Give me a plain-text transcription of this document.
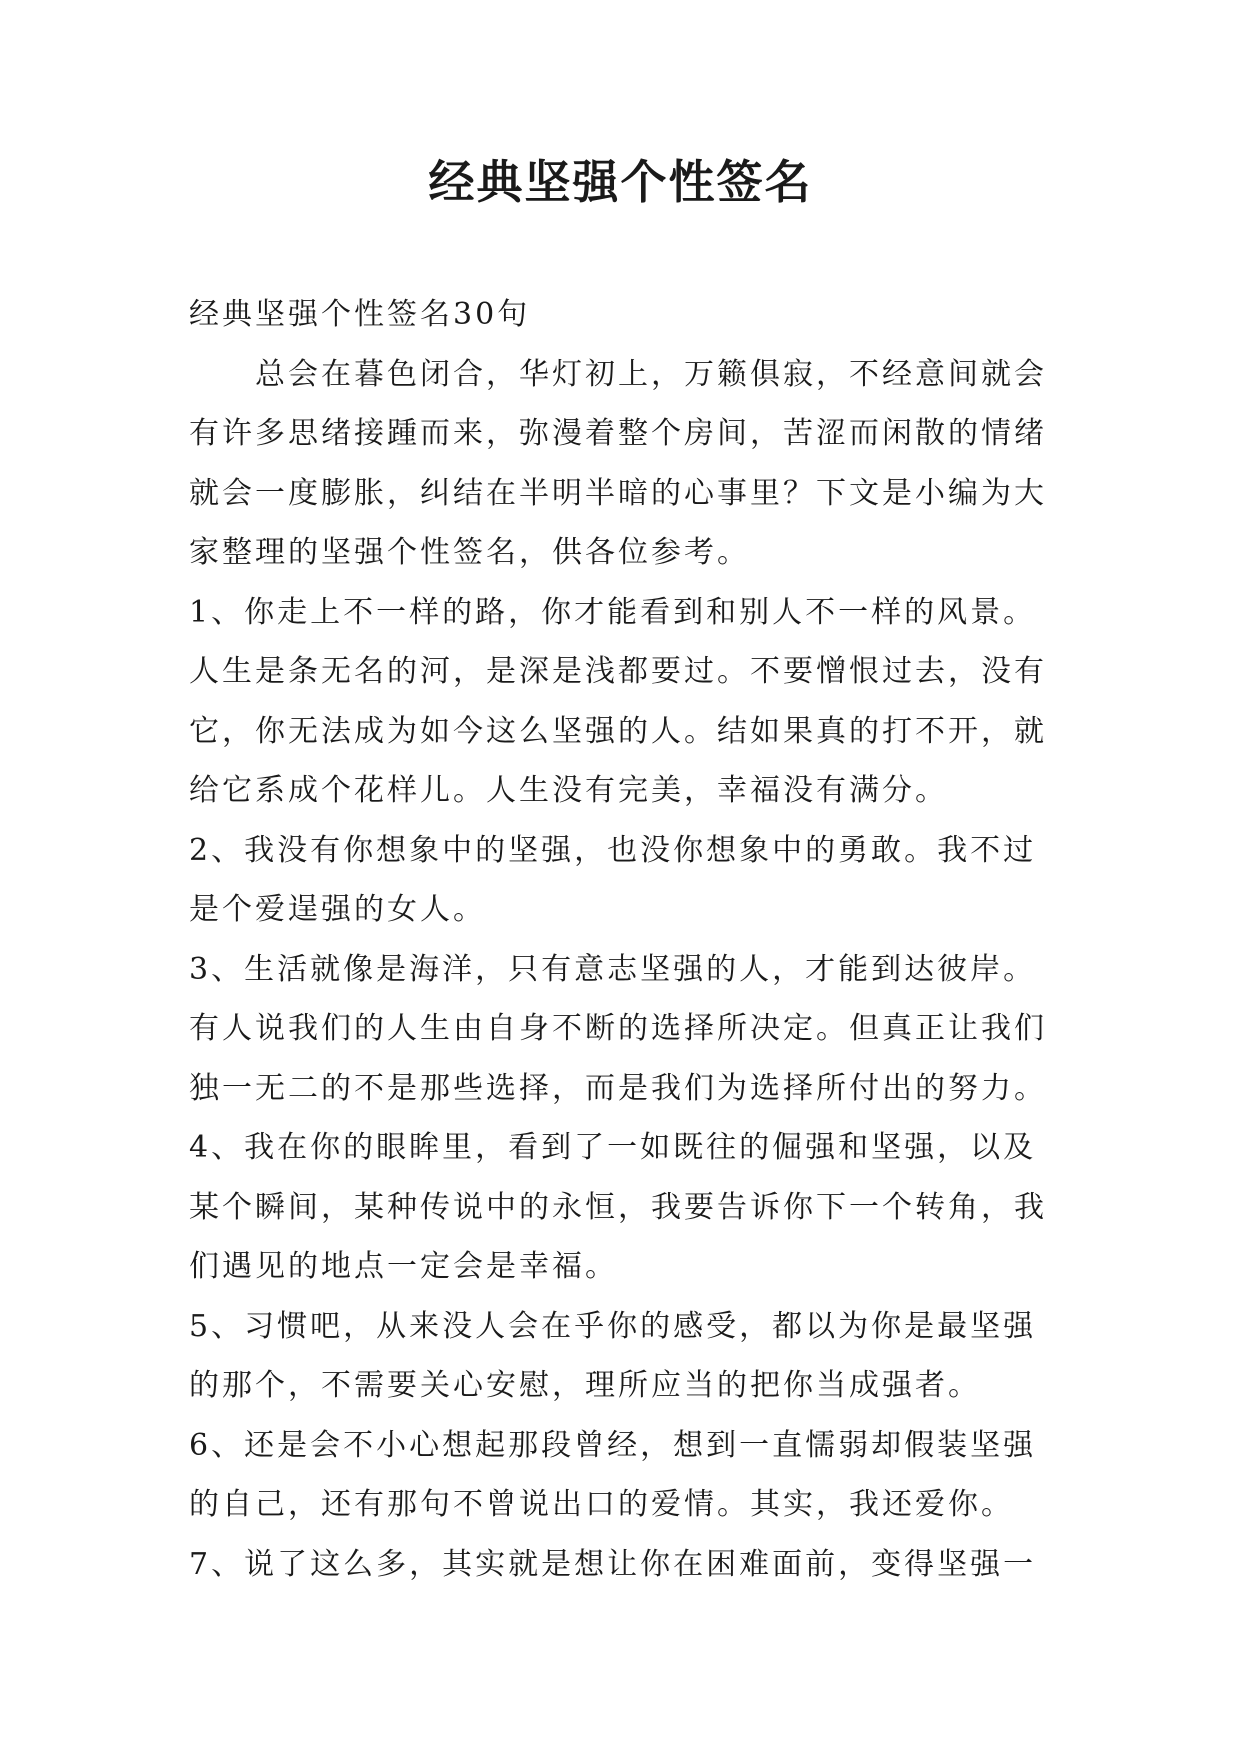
经典坚强个性签名

经典坚强个性签名30句

总会在暮色闭合，华灯初上，万籁俱寂，不经意间就会

有许多思绪接踵而来，弥漫着整个房间，苦涩而闲散的情绪

就会一度膨胀，纠结在半明半暗的心事里？下文是小编为大

家整理的坚强个性签名，供各位参考。

1、你走上不一样的路，你才能看到和别人不一样的风景。

人生是条无名的河，是深是浅都要过。不要憎恨过去，没有

它，你无法成为如今这么坚强的人。结如果真的打不开，就

给它系成个花样儿。人生没有完美，幸福没有满分。

2、我没有你想象中的坚强，也没你想象中的勇敢。我不过

是个爱逞强的女人。

3、生活就像是海洋，只有意志坚强的人，才能到达彼岸。

有人说我们的人生由自身不断的选择所决定。但真正让我们

独一无二的不是那些选择，而是我们为选择所付出的努力。

4、我在你的眼眸里，看到了一如既往的倔强和坚强，以及

某个瞬间，某种传说中的永恒，我要告诉你下一个转角，我

们遇见的地点一定会是幸福。

5、习惯吧，从来没人会在乎你的感受，都以为你是最坚强

的那个，不需要关心安慰，理所应当的把你当成强者。

6、还是会不小心想起那段曾经，想到一直懦弱却假装坚强

的自己，还有那句不曾说出口的爱情。其实，我还爱你。

7、说了这么多，其实就是想让你在困难面前，变得坚强一
